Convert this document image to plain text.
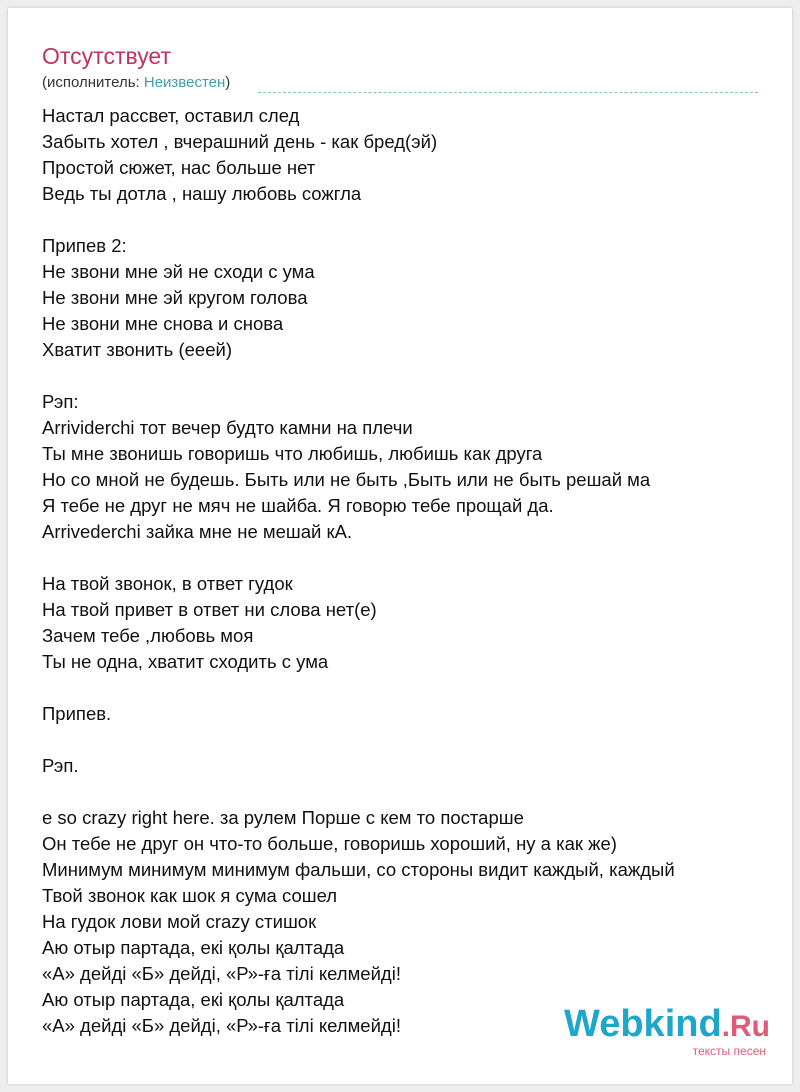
Отсутствует
(исполнитель: Неизвестен)
Настал рассвет, оставил след
Забыть хотел , вчерашний день - как бред(эй)
Простой сюжет, нас больше нет
Ведь ты дотла , нашу любовь сожгла
Припев 2:
Не звони мне эй не сходи с ума
Не звони мне эй кругом голова
Не звони мне снова и снова
Хватит звонить (ееей)
Рэп:
Arrividerchi тот вечер будто камни на плечи
Ты мне звонишь говоришь что любишь, любишь как друга
Но со мной не будешь. Быть или не быть ,Быть или не быть решай ма
Я тебе не друг не мяч не шайба. Я говорю тебе прощай да.
Arrivederchi зайка мне не мешай кА.
На твой звонок, в ответ гудок
На твой привет в ответ ни слова нет(е)
Зачем тебе ,любовь моя
Ты не одна, хватит сходить с ума
Припев.
Рэп.
e so crazy right here. за рулем Порше с кем то постарше
Он тебе не друг он что-то больше, говоришь хороший, ну а как же)
Минимум минимум минимум фальши, со стороны видит каждый, каждый
Твой звонок как шок я сума сошел
На гудок лови мой crazy стишок
Аю отыр партада, екі қолы қалтада
«А» дейді «Б» дейді, «Р»-ға тілі келмейді!
Аю отыр партада, екі қолы қалтада
«А» дейді «Б» дейді, «Р»-ға тілі келмейді!	Webkind.Ru
тексты песен
